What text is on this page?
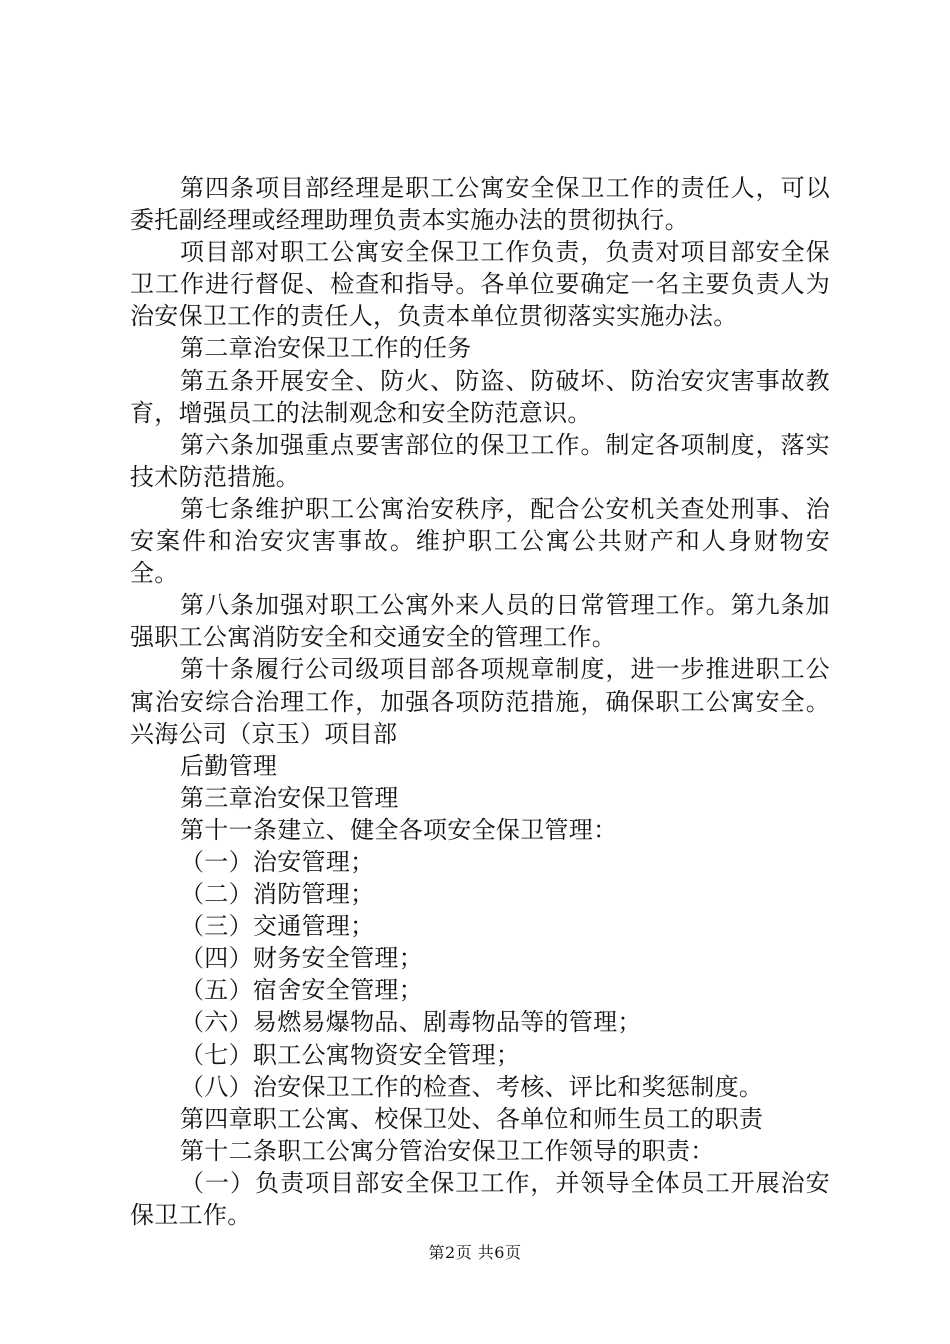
第四条项目部经理是职工公寓安全保卫工作的责任人，可以委托副经理或经理助理负责本实施办法的贯彻执行。

项目部对职工公寓安全保卫工作负责，负责对项目部安全保卫工作进行督促、检查和指导。各单位要确定一名主要负责人为治安保卫工作的责任人，负责本单位贯彻落实实施办法。

第二章治安保卫工作的任务

第五条开展安全、防火、防盗、防破坏、防治安灾害事故教育，增强员工的法制观念和安全防范意识。

第六条加强重点要害部位的保卫工作。制定各项制度，落实技术防范措施。

第七条维护职工公寓治安秩序，配合公安机关查处刑事、治安案件和治安灾害事故。维护职工公寓公共财产和人身财物安全。

第八条加强对职工公寓外来人员的日常管理工作。第九条加强职工公寓消防安全和交通安全的管理工作。

第十条履行公司级项目部各项规章制度，进一步推进职工公寓治安综合治理工作，加强各项防范措施，确保职工公寓安全。兴海公司（京玉）项目部

后勤管理

第三章治安保卫管理

第十一条建立、健全各项安全保卫管理：

（一）治安管理；

（二）消防管理；

（三）交通管理；

（四）财务安全管理；

（五）宿舍安全管理；

（六）易燃易爆物品、剧毒物品等的管理；

（七）职工公寓物资安全管理；

（八）治安保卫工作的检查、考核、评比和奖惩制度。

第四章职工公寓、校保卫处、各单位和师生员工的职责

第十二条职工公寓分管治安保卫工作领导的职责：

（一）负责项目部安全保卫工作，并领导全体员工开展治安保卫工作。

第2页 共6页
